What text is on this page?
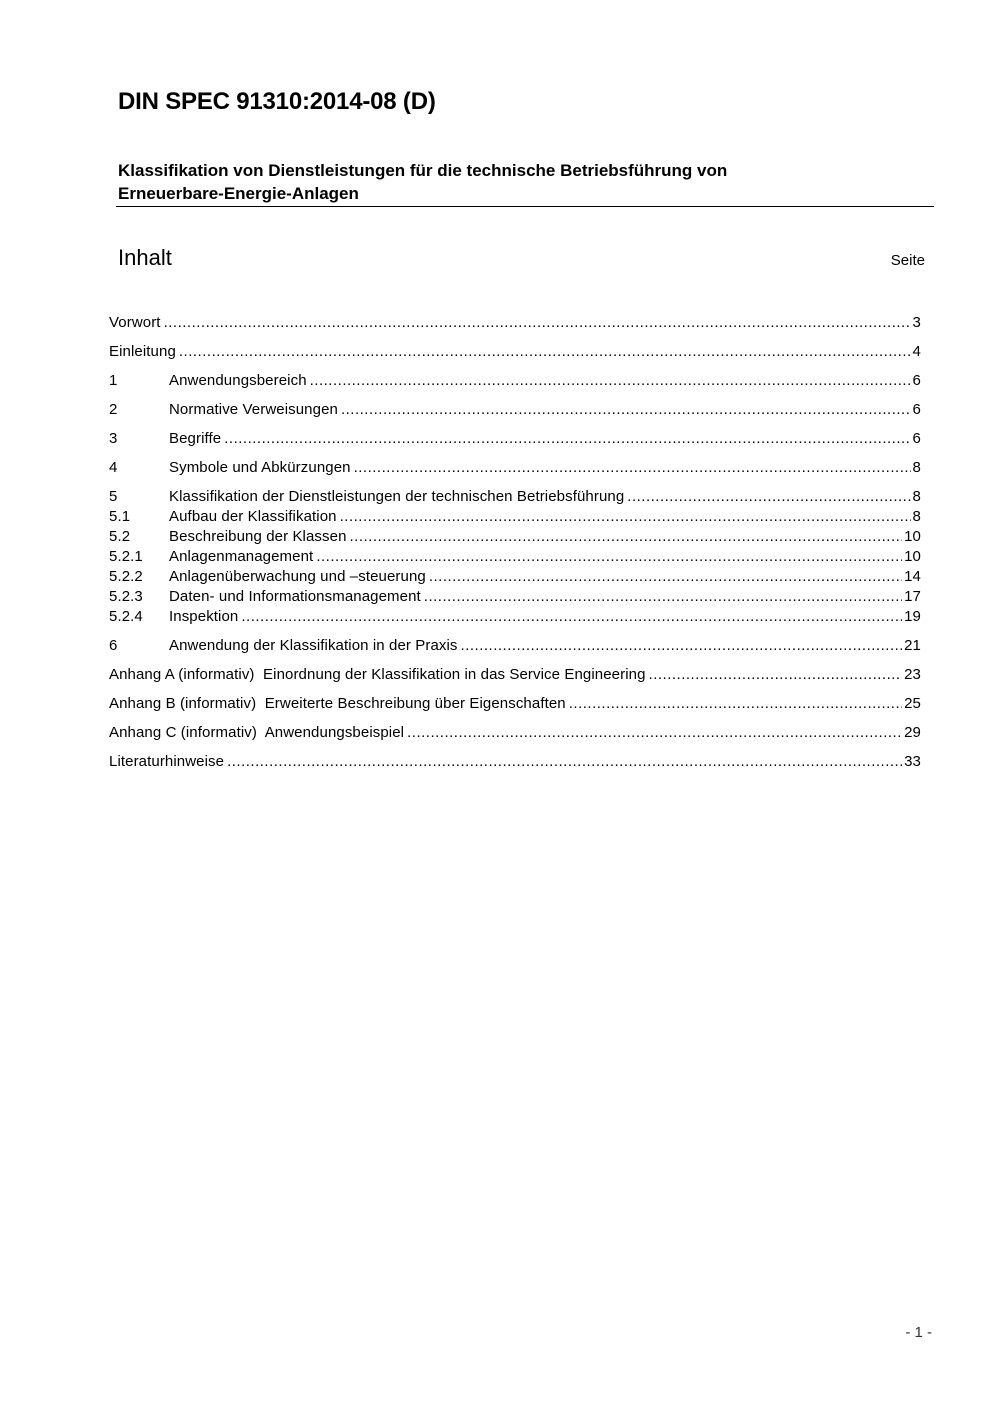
DIN SPEC 91310:2014-08 (D)
Klassifikation von Dienstleistungen für die technische Betriebsführung von
Erneuerbare-Energie-Anlagen
Inhalt	Seite
Vorwort .....	3
Einleitung .....	4
1	Anwendungsbereich .....	6
2	Normative Verweisungen .....	6
3	Begriffe .....	6
4	Symbole und Abkürzungen .....	8
5	Klassifikation der Dienstleistungen der technischen Betriebsführung .....	8
5.1	Aufbau der Klassifikation .....	8
5.2	Beschreibung der Klassen .....	10
5.2.1	Anlagenmanagement .....	10
5.2.2	Anlagenüberwachung und –steuerung .....	14
5.2.3	Daten- und Informationsmanagement .....	17
5.2.4	Inspektion .....	19
6	Anwendung der Klassifikation in der Praxis .....	21
Anhang A (informativ)  Einordnung der Klassifikation in das Service Engineering .....	23
Anhang B (informativ)  Erweiterte Beschreibung über Eigenschaften .....	25
Anhang C (informativ)  Anwendungsbeispiel .....	29
Literaturhinweise .....	33
- 1 -
